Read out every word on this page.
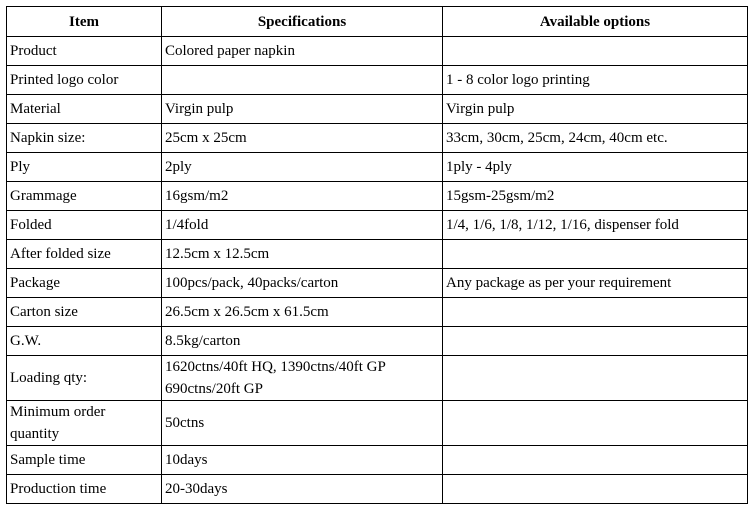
Item	Specifications	Available options
Product	Colored paper napkin	
Printed logo color		1 - 8 color logo printing
Material	Virgin pulp	Virgin pulp
Napkin size:	25cm x 25cm	33cm, 30cm, 25cm, 24cm, 40cm etc.
Ply	2ply	1ply - 4ply
Grammage	16gsm/m2	15gsm-25gsm/m2
Folded	1/4fold	1/4, 1/6, 1/8, 1/12, 1/16, dispenser fold
After folded size	12.5cm x 12.5cm	
Package	100pcs/pack, 40packs/carton	Any package as per your requirement
Carton size	26.5cm x 26.5cm x 61.5cm	
G.W.	8.5kg/carton	
Loading qty:	1620ctns/40ft HQ, 1390ctns/40ft GP 690ctns/20ft GP	
Minimum order quantity	50ctns	
Sample time	10days	
Production time	20-30days	
